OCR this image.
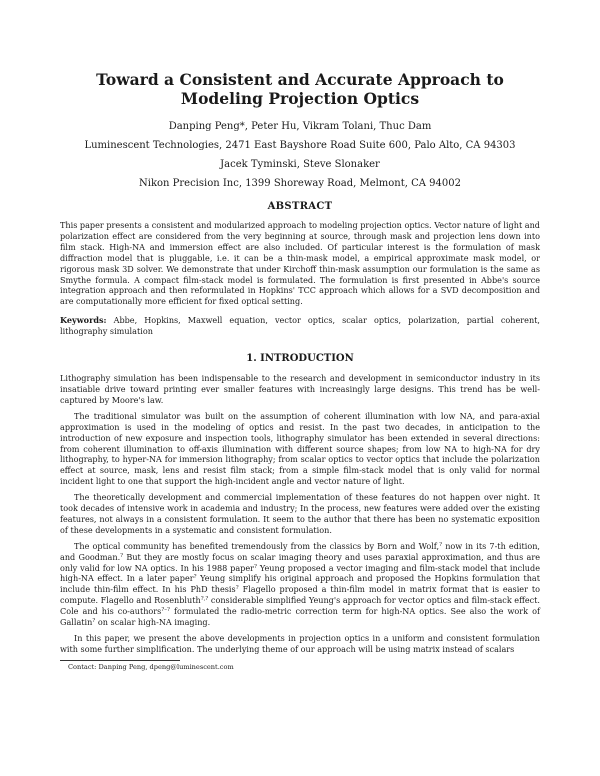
Toward a Consistent and Accurate Approach to Modeling Projection Optics
Danping Peng*, Peter Hu, Vikram Tolani, Thuc Dam
Luminescent Technologies, 2471 East Bayshore Road Suite 600, Palo Alto, CA 94303
Jacek Tyminski, Steve Slonaker
Nikon Precision Inc, 1399 Shoreway Road, Melmont, CA 94002
ABSTRACT

This paper presents a consistent and modularized approach to modeling projection optics. Vector nature of light and polarization effect are considered from the very beginning at source, through mask and projection lens down into film stack. High-NA and immersion effect are also included. Of particular interest is the formulation of mask diffraction model that is pluggable, i.e. it can be a thin-mask model, a empirical approximate mask model, or rigorous mask 3D solver. We demonstrate that under Kirchoff thin-mask assumption our formulation is the same as Smythe formula. A compact film-stack model is formulated. The formulation is first presented in Abbe's source integration approach and then reformulated in Hopkins' TCC approach which allows for a SVD decomposition and are computationally more efficient for fixed optical setting.

Keywords: Abbe, Hopkins, Maxwell equation, vector optics, scalar optics, polarization, partial coherent, lithography simulation

1. INTRODUCTION

Lithography simulation has been indispensable to the research and development in semiconductor industry in its insatiable drive toward printing ever smaller features with increasingly large designs. This trend has be well-captured by Moore's law.

The traditional simulator was built on the assumption of coherent illumination with low NA, and para-axial approximation is used in the modeling of optics and resist. In the past two decades, in anticipation to the introduction of new exposure and inspection tools, lithography simulator has been extended in several directions: from coherent illumination to off-axis illumination with different source shapes; from low NA to high-NA for dry lithography, to hyper-NA for immersion lithography; from scalar optics to vector optics that include the polarization effect at source, mask, lens and resist film stack; from a simple film-stack model that is only valid for normal incident light to one that support the high-incident angle and vector nature of light.

The theoretically development and commercial implementation of these features do not happen over night. It took decades of intensive work in academia and industry; In the process, new features were added over the existing features, not always in a consistent formulation. It seem to the author that there has been no systematic exposition of these developments in a systematic and consistent formulation.

The optical community has benefited tremendously from the classics by Born and Wolf,? now in its 7-th edition, and Goodman.? But they are mostly focus on scalar imaging theory and uses paraxial approximation, and thus are only valid for low NA optics. In his 1988 paper? Yeung proposed a vector imaging and film-stack model that include high-NA effect. In a later paper? Yeung simplify his original approach and proposed the Hopkins formulation that include thin-film effect. In his PhD thesis? Flagello proposed a thin-film model in matrix format that is easier to compute. Flagello and Rosenbluth?,? considerable simplified Yeung's approach for vector optics and film-stack effect. Cole and his co-authors?–? formulated the radio-metric correction term for high-NA optics. See also the work of Gallatin? on scalar high-NA imaging.

In this paper, we present the above developments in projection optics in a uniform and consistent formulation with some further simplification. The underlying theme of our approach will be using matrix instead of scalars

Contact: Danping Peng, dpeng@luminescent.com
